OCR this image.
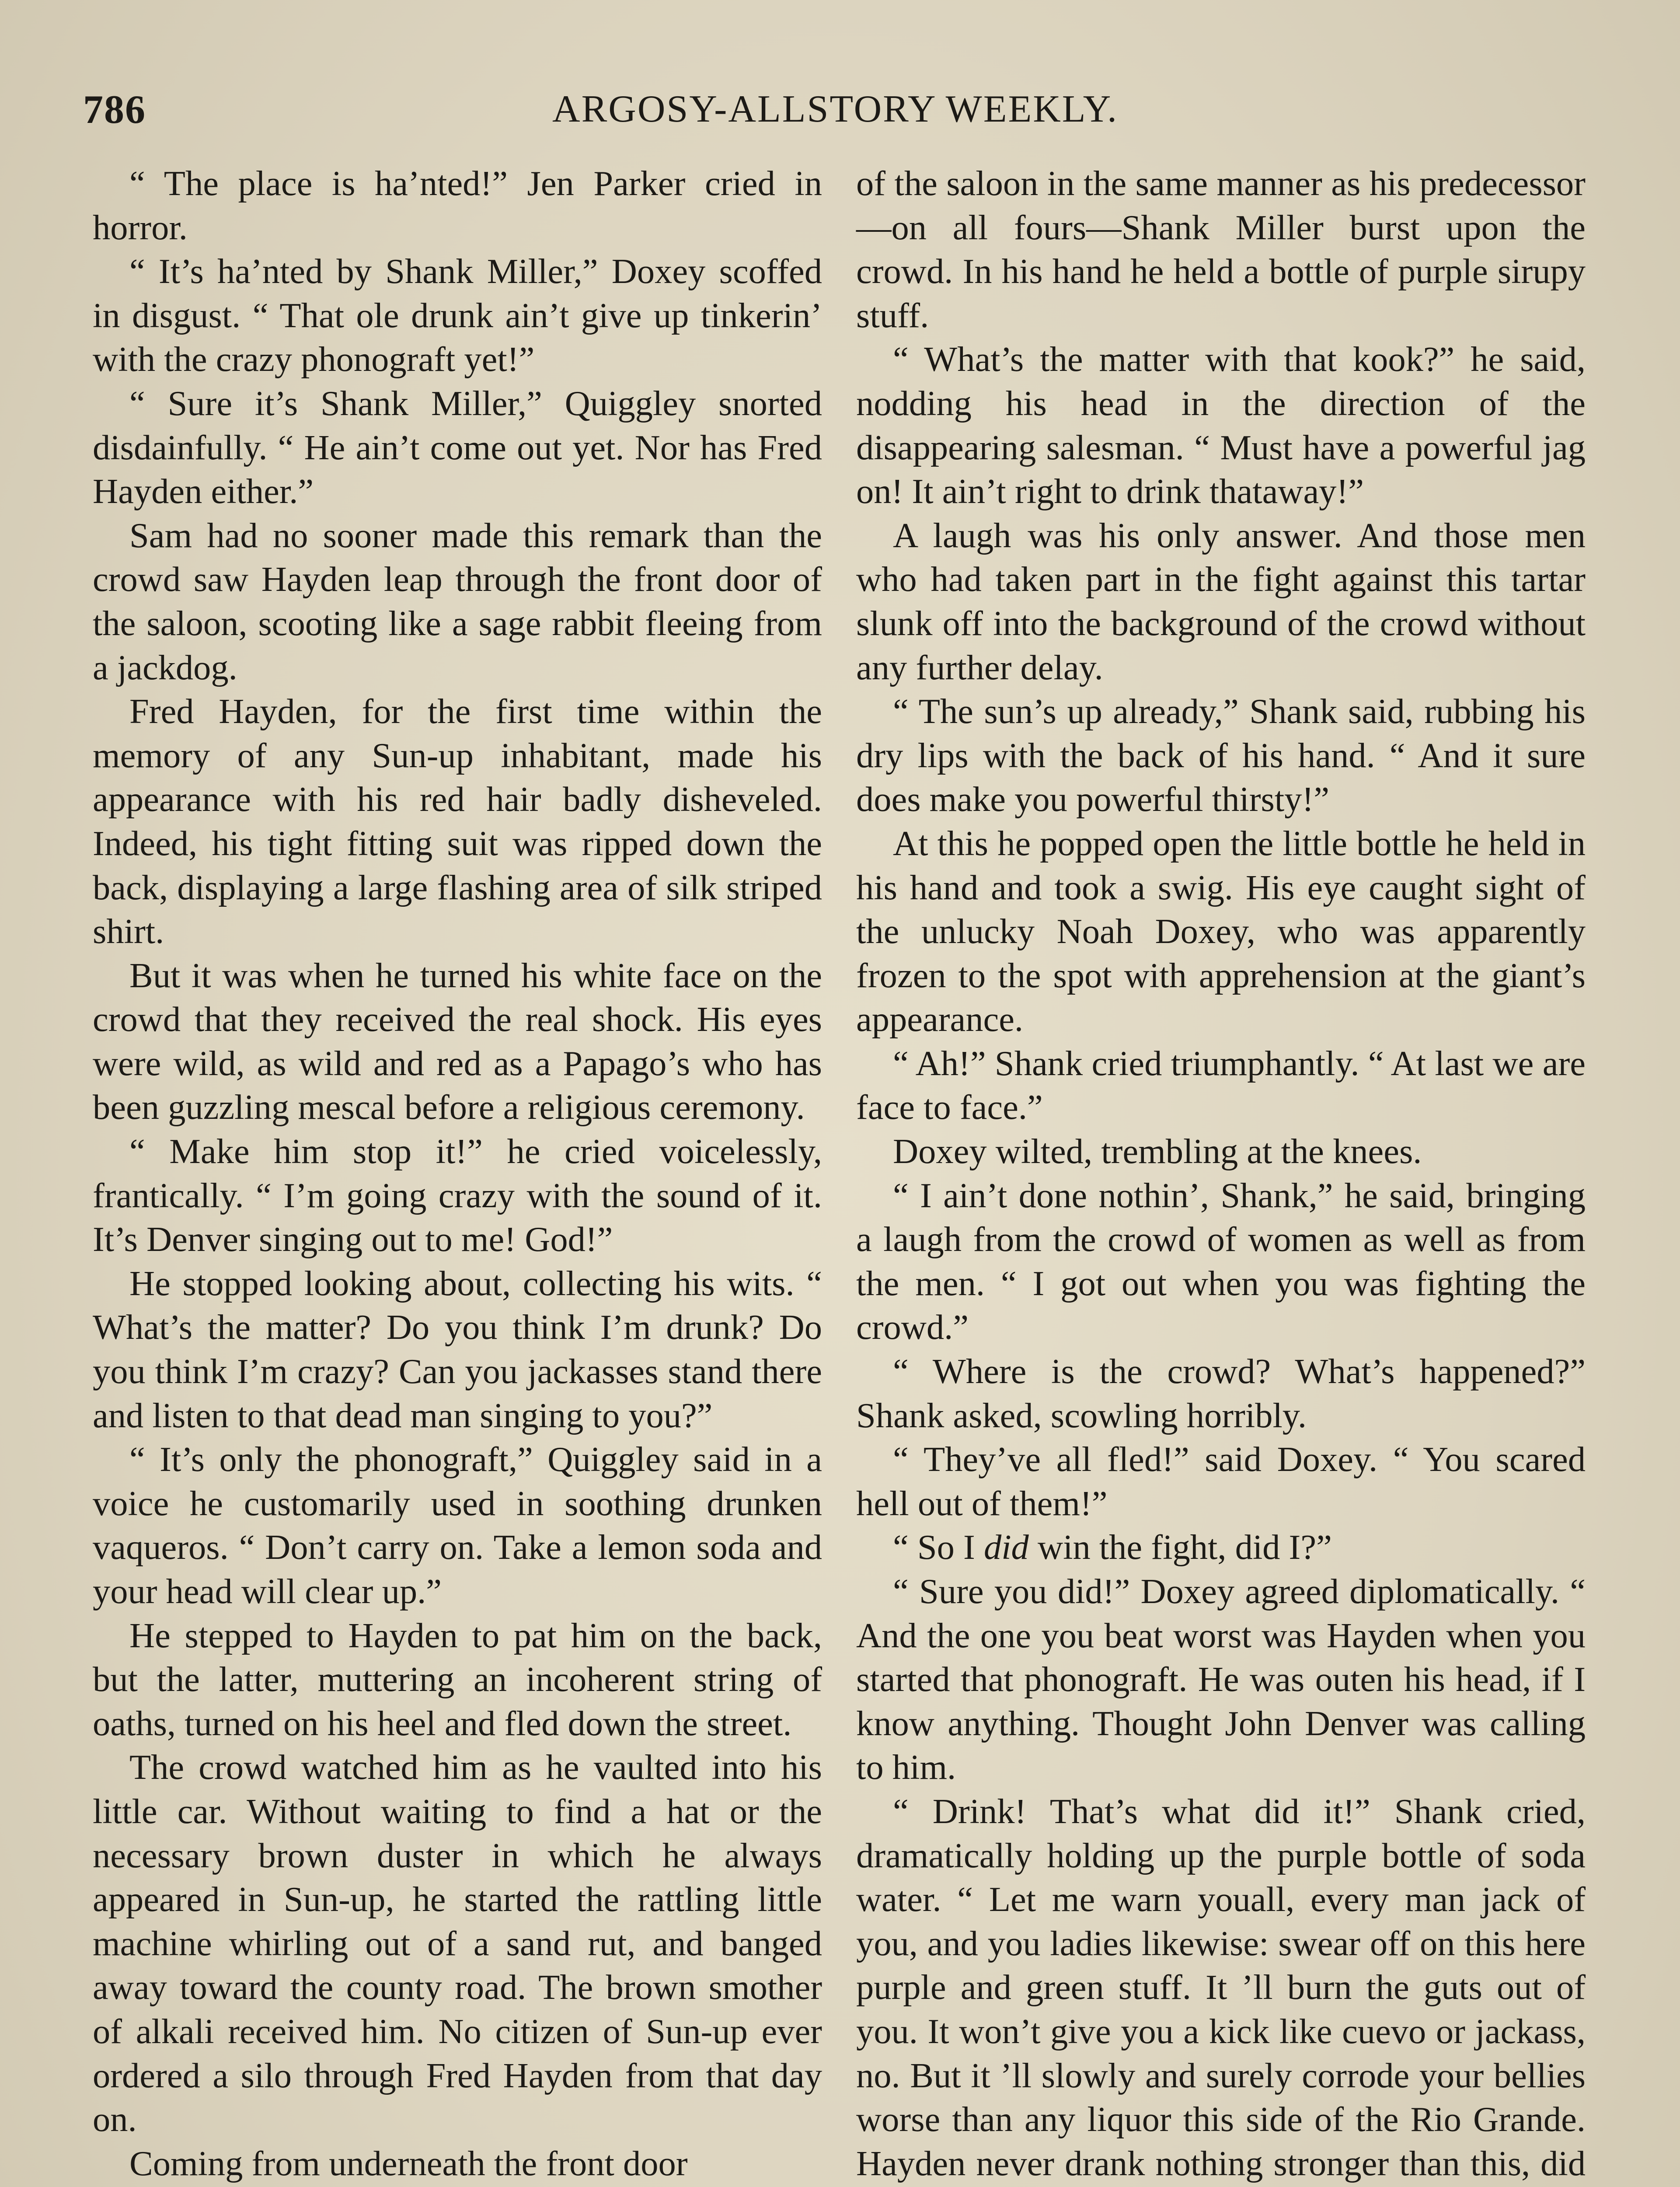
786	ARGOSY-ALLSTORY WEEKLY.

“ The place is ha’nted!” Jen Parker cried in horror.

“ It’s ha’nted by Shank Miller,” Doxey scoffed in disgust. “ That ole drunk ain’t give up tinkerin’ with the crazy phonograft yet!”

“ Sure it’s Shank Miller,” Quiggley snorted disdainfully. “ He ain’t come out yet. Nor has Fred Hayden either.”

Sam had no sooner made this remark than the crowd saw Hayden leap through the front door of the saloon, scooting like a sage rabbit fleeing from a jackdog.

Fred Hayden, for the first time within the memory of any Sun-up inhabitant, made his appearance with his red hair badly disheveled. Indeed, his tight fitting suit was ripped down the back, displaying a large flashing area of silk striped shirt.

But it was when he turned his white face on the crowd that they received the real shock. His eyes were wild, as wild and red as a Papago’s who has been guzzling mescal before a religious ceremony.

“ Make him stop it!” he cried voicelessly, frantically. “ I’m going crazy with the sound of it. It’s Denver singing out to me! God!”

He stopped looking about, collecting his wits. “ What’s the matter? Do you think I’m drunk? Do you think I’m crazy? Can you jackasses stand there and listen to that dead man singing to you?”

“ It’s only the phonograft,” Quiggley said in a voice he customarily used in soothing drunken vaqueros. “ Don’t carry on. Take a lemon soda and your head will clear up.”

He stepped to Hayden to pat him on the back, but the latter, muttering an incoherent string of oaths, turned on his heel and fled down the street.

The crowd watched him as he vaulted into his little car. Without waiting to find a hat or the necessary brown duster in which he always appeared in Sun-up, he started the rattling little machine whirling out of a sand rut, and banged away toward the county road. The brown smother of alkali received him. No citizen of Sun-up ever ordered a silo through Fred Hayden from that day on.

Coming from underneath the front door

of the saloon in the same manner as his predecessor—on all fours—Shank Miller burst upon the crowd. In his hand he held a bottle of purple sirupy stuff.

“ What’s the matter with that kook?” he said, nodding his head in the direction of the disappearing salesman. “ Must have a powerful jag on! It ain’t right to drink thataway!”

A laugh was his only answer. And those men who had taken part in the fight against this tartar slunk off into the background of the crowd without any further delay.

“ The sun’s up already,” Shank said, rubbing his dry lips with the back of his hand. “ And it sure does make you powerful thirsty!”

At this he popped open the little bottle he held in his hand and took a swig. His eye caught sight of the unlucky Noah Doxey, who was apparently frozen to the spot with apprehension at the giant’s appearance.

“ Ah!” Shank cried triumphantly. “ At last we are face to face.”

Doxey wilted, trembling at the knees.

“ I ain’t done nothin’, Shank,” he said, bringing a laugh from the crowd of women as well as from the men. “ I got out when you was fighting the crowd.”

“ Where is the crowd? What’s happened?” Shank asked, scowling horribly.

“ They’ve all fled!” said Doxey. “ You scared hell out of them!”

“ So I did win the fight, did I?”

“ Sure you did!” Doxey agreed diplomatically. “ And the one you beat worst was Hayden when you started that phonograft. He was outen his head, if I know anything. Thought John Denver was calling to him.

“ Drink! That’s what did it!” Shank cried, dramatically holding up the purple bottle of soda water. “ Let me warn youall, every man jack of you, and you ladies likewise: swear off on this here purple and green stuff. It ’ll burn the guts out of you. It won’t give you a kick like cuevo or jackass, no. But it ’ll slowly and surely corrode your bellies worse than any liquor this side of the Rio Grande. Hayden never drank nothing stronger than this, did
